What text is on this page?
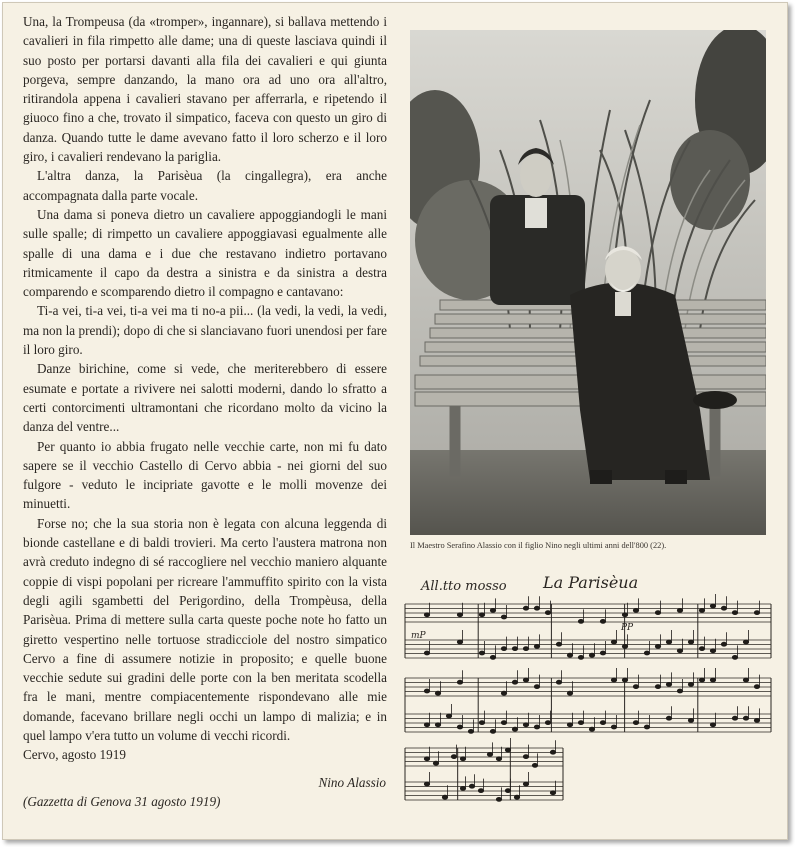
Una, la Trompeusa (da «tromper», ingannare), si ballava mettendo i cavalieri in fila rimpetto alle dame; una di queste lasciava quindi il suo posto per portarsi davanti alla fila dei cavalieri e qui giunta porgeva, sempre danzando, la mano ora ad uno ora all'altro, ritirandola appena i cavalieri stavano per afferrarla, e ripetendo il giuoco fino a che, trovato il simpatico, faceva con questo un giro di danza. Quando tutte le dame avevano fatto il loro scherzo e il loro giro, i cavalieri rendevano la pariglia.

L'altra danza, la Parisèua (la cingallegra), era anche accompagnata dalla parte vocale.

Una dama si poneva dietro un cavaliere appoggiandogli le mani sulle spalle; di rimpetto un cavaliere appoggiavasi egualmente alle spalle di una dama e i due che restavano indietro portavano ritmicamente il capo da destra a sinistra e da sinistra a destra comparendo e scomparendo dietro il compagno e cantavano:

Ti-a vei, ti-a vei, ti-a vei ma ti no-a pii... (la vedi, la vedi, la vedi, ma non la prendi); dopo di che si slanciavano fuori unendosi per fare il loro giro.

Danze birichine, come si vede, che meriterebbero di essere esumate e portate a rivivere nei salotti moderni, dando lo sfratto a certi contorcimenti ultramontani che ricordano molto da vicino la danza del ventre...

Per quanto io abbia frugato nelle vecchie carte, non mi fu dato sapere se il vecchio Castello di Cervo abbia - nei giorni del suo fulgore - veduto le incipriate gavotte e le molli movenze dei minuetti.

Forse no; che la sua storia non è legata con alcuna leggenda di bionde castellane e di baldi trovieri. Ma certo l'austera matrona non avrà creduto indegno di sé raccogliere nel vecchio maniero alquante coppie di vispi popolani per ricreare l'ammuffito spirito con la vista degli agili sgambetti del Perigordino, della Trompèusa, della Parisèua. Prima di mettere sulla carta queste poche note ho fatto un giretto vespertino nelle tortuose stradicciole del nostro simpatico Cervo a fine di assumere notizie in proposito; e quelle buone vecchie sedute sui gradini delle porte con la ben meritata scodella fra le mani, mentre compiacentemente rispondevano alle mie domande, facevano brillare negli occhi un lampo di malizia; e in quel lampo v'era tutto un volume di vecchi ricordi.

Cervo, agosto 1919

Nino Alassio
(Gazzetta di Genova 31 agosto 1919)
Il Maestro Serafino Alassio con il figlio Nino negli ultimi anni dell'800 (22).
All.tto mosso La Parisèua
mP
PP
